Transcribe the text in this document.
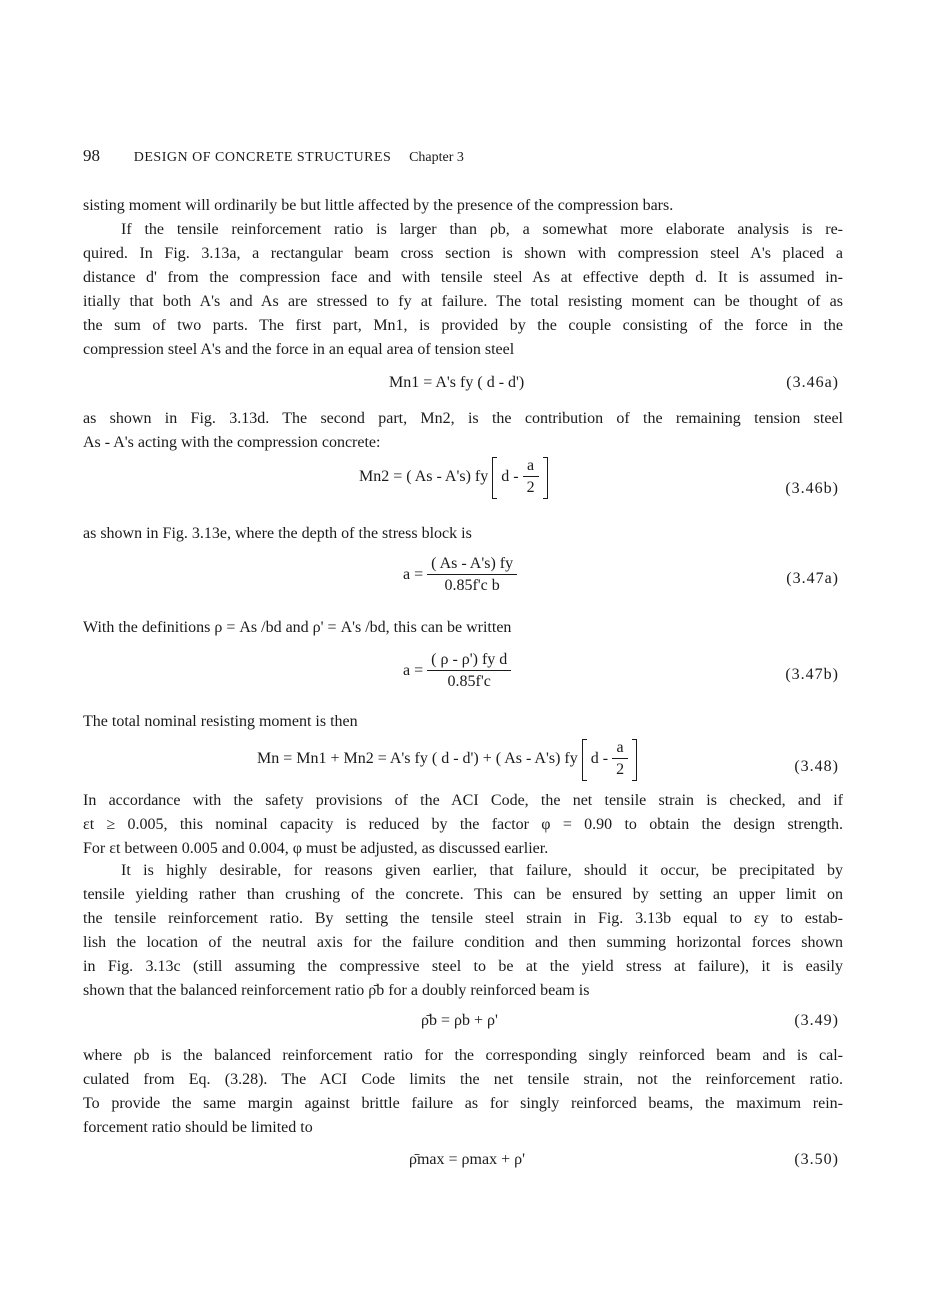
98 DESIGN OF CONCRETE STRUCTURES Chapter 3
sisting moment will ordinarily be but little affected by the presence of the compression bars.
If the tensile reinforcement ratio is larger than ρb, a somewhat more elaborate analysis is re-
quired. In Fig. 3.13a, a rectangular beam cross section is shown with compression steel A's placed a
distance d' from the compression face and with tensile steel As at effective depth d. It is assumed in-
itially that both A's and As are stressed to fy at failure. The total resisting moment can be thought of as
the sum of two parts. The first part, Mn1, is provided by the couple consisting of the force in the
compression steel A's and the force in an equal area of tension steel
Mn1 = A's fy ( d - d')	(3.46a)
as shown in Fig. 3.13d. The second part, Mn2, is the contribution of the remaining tension steel
As - A's acting with the compression concrete:
Mn2 = ( As - A's) fy d - $\frac{a}{2}$
	(3.46b)
as shown in Fig. 3.13e, where the depth of the stress block is
$a = \frac{( As - A's) fy}{\text{0.85f'c b}}$	(3.47a)
With the definitions ρ = As /bd and ρ' = A's /bd, this can be written
$a = \frac{\text{( ρ - ρ') fy d}}{0.85f'c}$	(3.47b)
The total nominal resisting moment is then
Mn = Mn1 + Mn2 = A's fy ( d - d') + ( As - A's) fy d - $\frac{a}{2}$
	(3.48)
In accordance with the safety provisions of the ACI Code, the net tensile strain is checked, and if
εt ≥ 0.005, this nominal capacity is reduced by the factor φ = 0.90 to obtain the design strength.
For εt between 0.005 and 0.004, φ must be adjusted, as discussed earlier.
It is highly desirable, for reasons given earlier, that failure, should it occur, be precipitated by
tensile yielding rather than crushing of the concrete. This can be ensured by setting an upper limit on
the tensile reinforcement ratio. By setting the tensile steel strain in Fig. 3.13b equal to εy to estab-
lish the location of the neutral axis for the failure condition and then summing horizontal forces shown
in Fig. 3.13c (still assuming the compressive steel to be at the yield stress at failure), it is easily
shown that the balanced reinforcement ratio ρ̄b for a doubly reinforced beam is
ρ̄b = ρb + ρ'	(3.49)
where ρb is the balanced reinforcement ratio for the corresponding singly reinforced beam and is cal-
culated from Eq. (3.28). The ACI Code limits the net tensile strain, not the reinforcement ratio.
To provide the same margin against brittle failure as for singly reinforced beams, the maximum rein-
forcement ratio should be limited to
ρ̄max = ρmax + ρ'	(3.50)
